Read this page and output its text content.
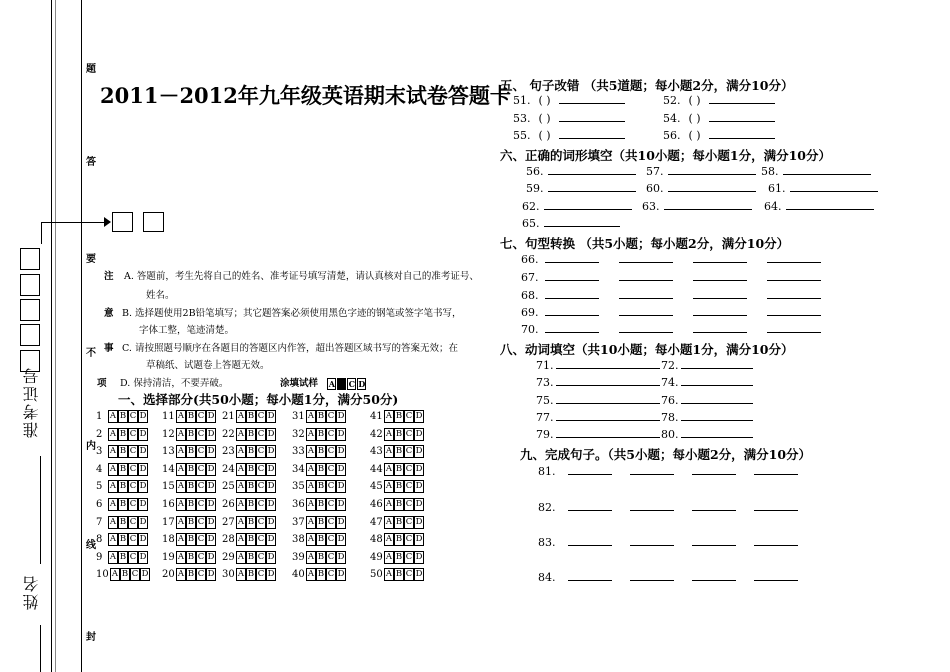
题
答
要
不
内
线
封
准考证号
姓名
2011－2012年九年级英语期末试卷答题卡
注
意
事
项
A. 答题前，考生先将自己的姓名、准考证号填写清楚，请认真核对自己的准考证号、
姓名。
B. 选择题使用2B铅笔填写；其它题答案必须使用黑色字迹的钢笔或签字笔书写，
字体工整，笔迹清楚。
C. 请按照题号顺序在各题目的答题区内作答，超出答题区域书写的答案无效；在
草稿纸、试题卷上答题无效。
D. 保持清洁，不要弄破。	涂填试样 A C D
一、选择部分(共50小题；每小题1分，满分50分)
1 A B C D
2 A B C D
3 A B C D
4 A B C D
5 A B C D
6 A B C D
7 A B C D
8 A B C D
9 A B C D
10 A B C D
11 A B C D
12 A B C D
13 A B C D
14 A B C D
15 A B C D
16 A B C D
17 A B C D
18 A B C D
19 A B C D
20 A B C D
21 A B C D
22 A B C D
23 A B C D
24 A B C D
25 A B C D
26 A B C D
27 A B C D
28 A B C D
29 A B C D
30 A B C D
31 A B C D
32 A B C D
33 A B C D
34 A B C D
35 A B C D
36 A B C D
37 A B C D
38 A B C D
39 A B C D
40 A B C D
41 A B C D
42 A B C D
43 A B C D
44 A B C D
45 A B C D
46 A B C D
47 A B C D
48 A B C D
49 A B C D
50 A B C D
五、 句子改错 （共5道题；每小题2分，满分10分）
51. ( )	52. ( )
53. ( )	54. ( )
55. ( )	56. ( )
六、正确的词形填空（共10小题；每小题1分，满分10分）
56.	57.	58.
59.	60.	61.
62.	63.	64.
65.
七、句型转换 （共5小题；每小题2分，满分10分）
66.
67.
68.
69.
70.
八、动词填空（共10小题；每小题1分，满分10分）
71.	72.
73.	74.
75.	76.
77.	78.
79.	80.
九、完成句子。（共5小题；每小题2分，满分10分）
81.
82.
83.
84.
